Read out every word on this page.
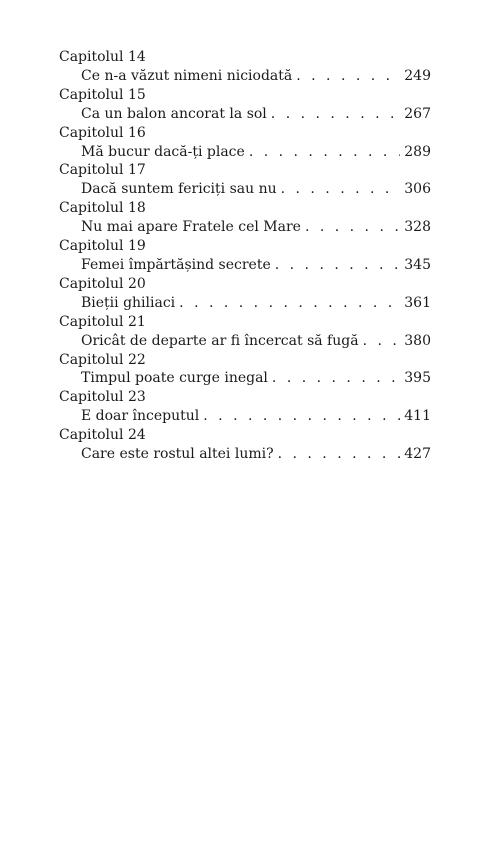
Capitolul 14
Ce n-a văzut nimeni niciodată . . .	249
Capitolul 15
Ca un balon ancorat la sol . . .	267
Capitolul 16
Mă bucur dacă-ți place . . .	289
Capitolul 17
Dacă suntem fericiți sau nu . . .	306
Capitolul 18
Nu mai apare Fratele cel Mare . . .	328
Capitolul 19
Femei împărtășind secrete . . .	345
Capitolul 20
Bieții ghiliaci . . .	361
Capitolul 21
Oricât de departe ar fi încercat să fugă . . .	380
Capitolul 22
Timpul poate curge inegal . . .	395
Capitolul 23
E doar începutul . . .	411
Capitolul 24
Care este rostul altei lumi? . . .	427
